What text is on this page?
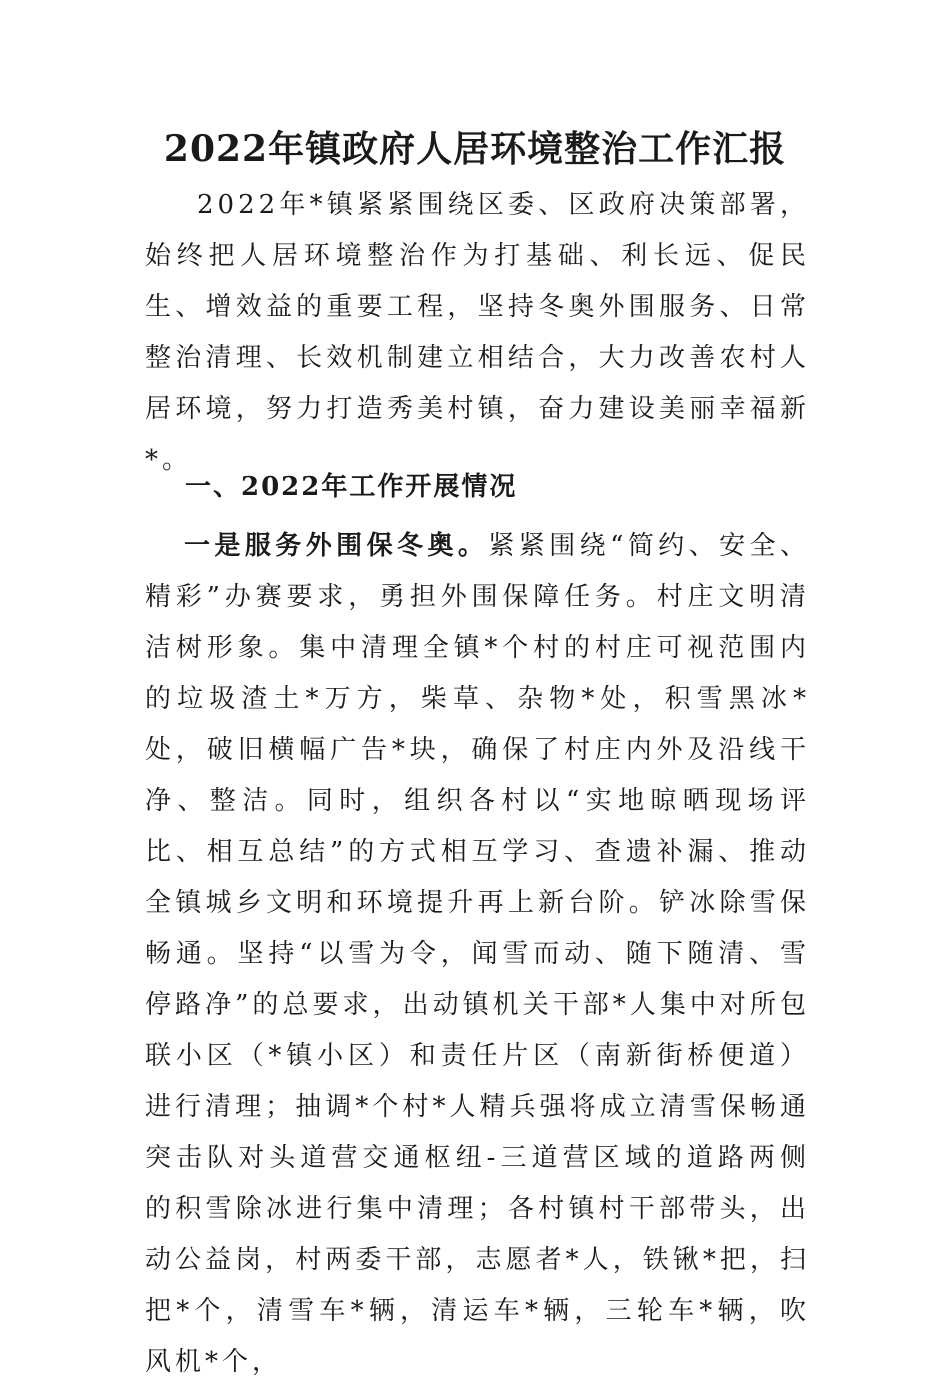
2022年镇政府人居环境整治工作汇报

2022年*镇紧紧围绕区委、区政府决策部署，始终把人居环境整治作为打基础、利长远、促民生、增效益的重要工程，坚持冬奥外围服务、日常整治清理、长效机制建立相结合，大力改善农村人居环境，努力打造秀美村镇，奋力建设美丽幸福新*。

一、2022年工作开展情况

一是服务外围保冬奥。紧紧围绕“简约、安全、精彩”办赛要求，勇担外围保障任务。村庄文明清洁树形象。集中清理全镇*个村的村庄可视范围内的垃圾渣土*万方，柴草、杂物*处，积雪黑冰*处，破旧横幅广告*块，确保了村庄内外及沿线干净、整洁。同时，组织各村以“实地晾晒现场评比、相互总结”的方式相互学习、查遗补漏、推动全镇城乡文明和环境提升再上新台阶。铲冰除雪保畅通。坚持“以雪为令，闻雪而动、随下随清、雪停路净”的总要求，出动镇机关干部*人集中对所包联小区（*镇小区）和责任片区（南新街桥便道）进行清理；抽调*个村*人精兵强将成立清雪保畅通突击队对头道营交通枢纽-三道营区域的道路两侧的积雪除冰进行集中清理；各村镇村干部带头，出动公益岗，村两委干部，志愿者*人，铁锹*把，扫把*个，清雪车*辆，清运车*辆，三轮车*辆，吹风机*个，
